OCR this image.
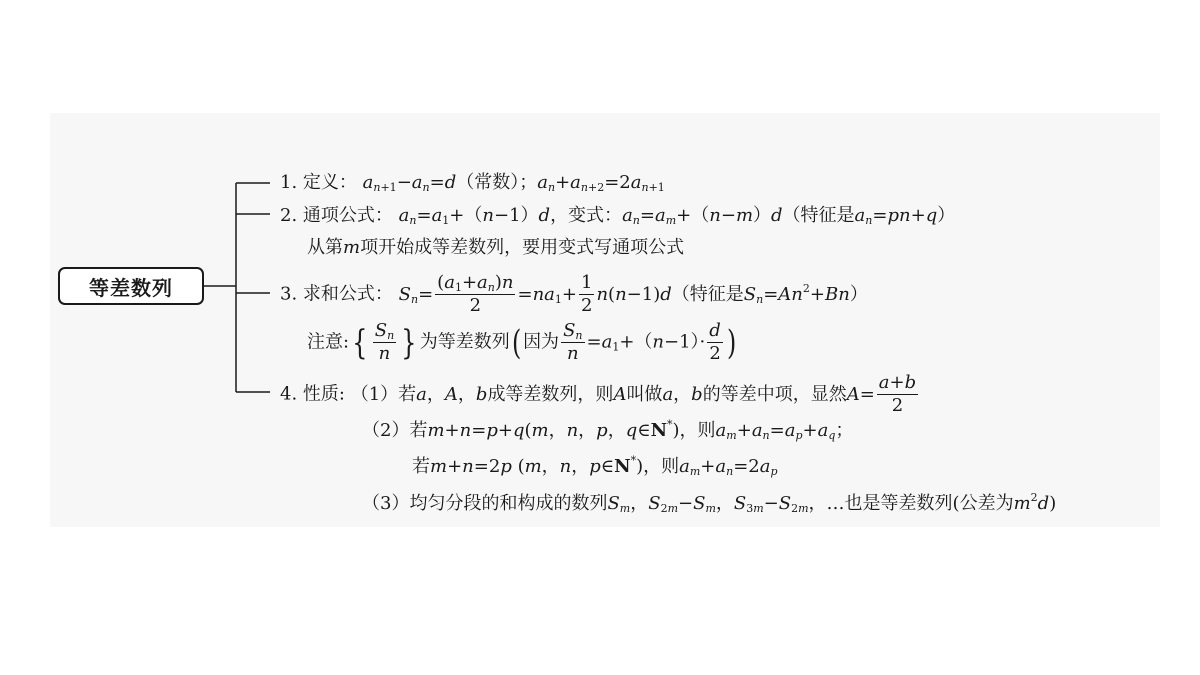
等差数列
1. 定义： $a_{n+1}-a_n=d$（常数）；$a_n+a_{n+2}=2a_{n+1}$
2. 通项公式： $a_n=a_1+(n-1)d$，变式：$a_n=a_m+(n-m)d$（特征是$a_n=pn+q$）
从第m项开始成等差数列，要用变式写通项公式
3. 求和公式： $S_n= \frac{(a_1+a_n)n}{2} =na_1+ \frac{1}{2} n(n-1)d$（特征是$S_n=An^2+Bn$）
注意:{ $\frac{S_n}{n}$ } 为等差数列( 因为 $\frac{S_n}{n} =a_1+(n-1)\cdot \frac{d}{2}$ )
4. 性质: （1）若a，A，b成等差数列，则A叫做a，b的等差中项，显然$A= \frac{a+b}{2}$
（2）若m+n=p+q(m，n，p，q∈N*)，则$a_m+a_n=a_p+a_q$；
若m+n=2p (m，n，p∈N*)，则$a_m+a_n=2a_p$
（3）均匀分段的和构成的数列$S_m$，$S_{2m}-S_m$，$S_{3m}-S_{2m}$，…也是等差数列(公差为$m^2d$)
